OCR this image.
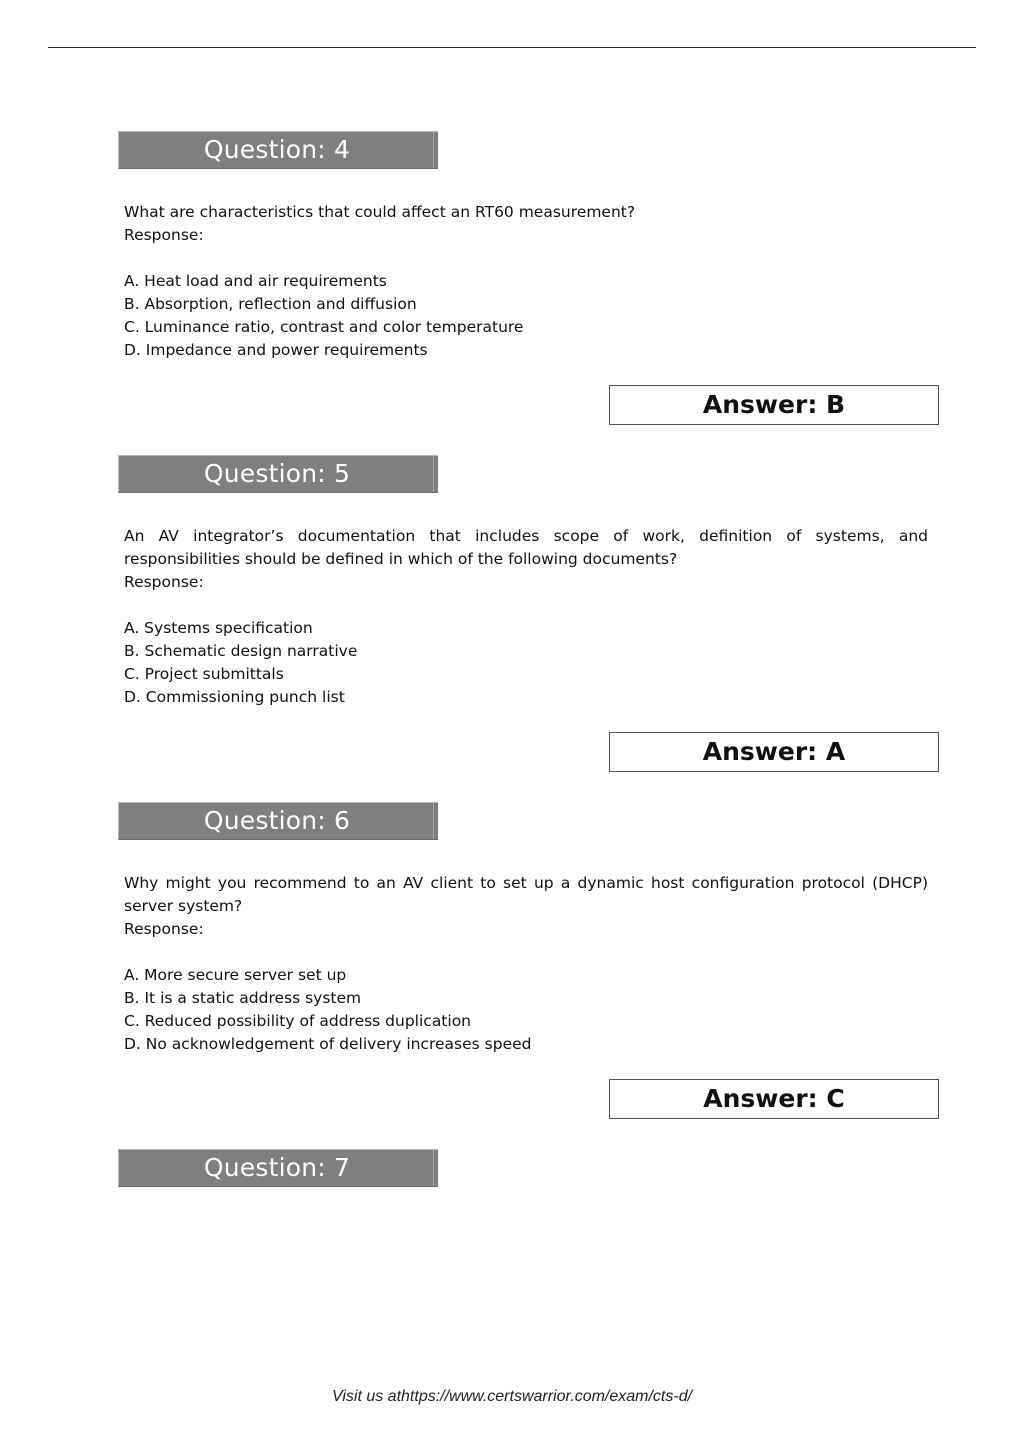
Question: 4

What are characteristics that could affect an RT60 measurement?

Response:

A. Heat load and air requirements
B. Absorption, reflection and diffusion
C. Luminance ratio, contrast and color temperature
D. Impedance and power requirements
Answer: B
Question: 5

An AV integrator’s documentation that includes scope of work, definition of systems, and responsibilities should be defined in which of the following documents?

Response:

A. Systems specification
B. Schematic design narrative
C. Project submittals
D. Commissioning punch list
Answer: A
Question: 6

Why might you recommend to an AV client to set up a dynamic host configuration protocol (DHCP) server system?

Response:

A. More secure server set up
B. It is a static address system
C. Reduced possibility of address duplication
D. No acknowledgement of delivery increases speed
Answer: C
Question: 7
Visit us athttps://www.certswarrior.com/exam/cts-d/
